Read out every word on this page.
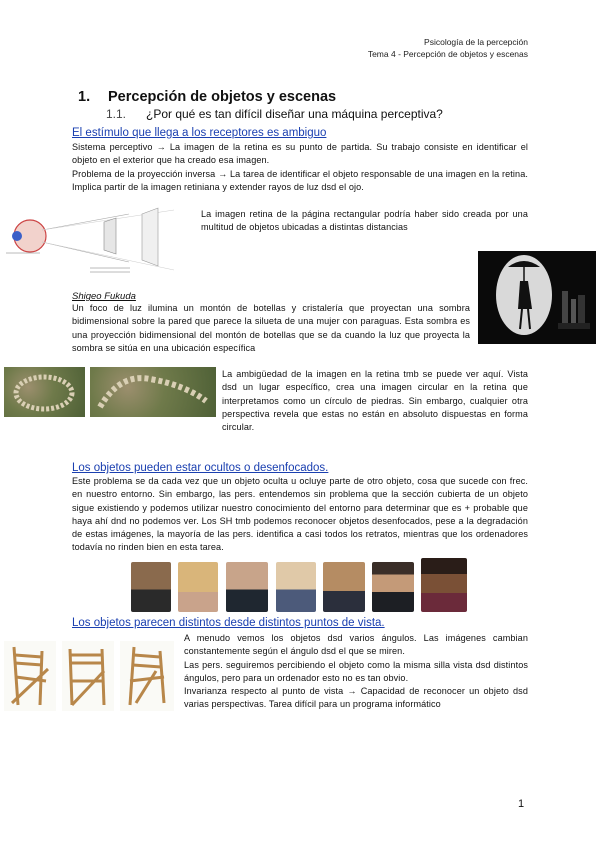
Psicología de la percepción
Tema 4 - Percepción de objetos y escenas
1. Percepción de objetos y escenas
1.1. ¿Por qué es tan difícil diseñar una máquina perceptiva?
El estímulo que llega a los receptores es ambiguo
Sistema perceptivo → La imagen de la retina es su punto de partida. Su trabajo consiste en identificar el objeto en el exterior que ha creado esa imagen.
Problema de la proyección inversa → La tarea de identificar el objeto responsable de una imagen en la retina. Implica partir de la imagen retiniana y extender rayos de luz dsd el ojo.
La imagen retina de la página rectangular podría haber sido creada por una multitud de objetos ubicadas a distintas distancias
Shigeo Fukuda
Un foco de luz ilumina un montón de botellas y cristalería que proyectan una sombra bidimensional sobre la pared que parece la silueta de una mujer con paraguas. Esta sombra es una proyección bidimensional del montón de botellas que se da cuando la luz que proyecta la sombra se sitúa en una ubicación específica
La ambigüedad de la imagen en la retina tmb se puede ver aquí. Vista dsd un lugar específico, crea una imagen circular en la retina que interpretamos como un círculo de piedras. Sin embargo, cualquier otra perspectiva revela que estas no están en absoluto dispuestas en forma circular.
Los objetos pueden estar ocultos o desenfocados.
Este problema se da cada vez que un objeto oculta u ocluye parte de otro objeto, cosa que sucede con frec. en nuestro entorno. Sin embargo, las pers. entendemos sin problema que la sección cubierta de un objeto sigue existiendo y podemos utilizar nuestro conocimiento del entorno para determinar que es + probable que haya ahí dnd no podemos ver. Los SH tmb podemos reconocer objetos desenfocados, pese a la degradación de estas imágenes, la mayoría de las pers. identifica a casi todos los retratos, mientras que los ordenadores todavía no rinden bien en esta tarea.
Los objetos parecen distintos desde distintos puntos de vista.
A menudo vemos los objetos dsd varios ángulos. Las imágenes cambian constantemente según el ángulo dsd el que se miren.
Las pers. seguiremos percibiendo el objeto como la misma silla vista dsd distintos ángulos, pero para un ordenador esto no es tan obvio.
Invarianza respecto al punto de vista → Capacidad de reconocer un objeto dsd varias perspectivas. Tarea difícil para un programa informático
1
